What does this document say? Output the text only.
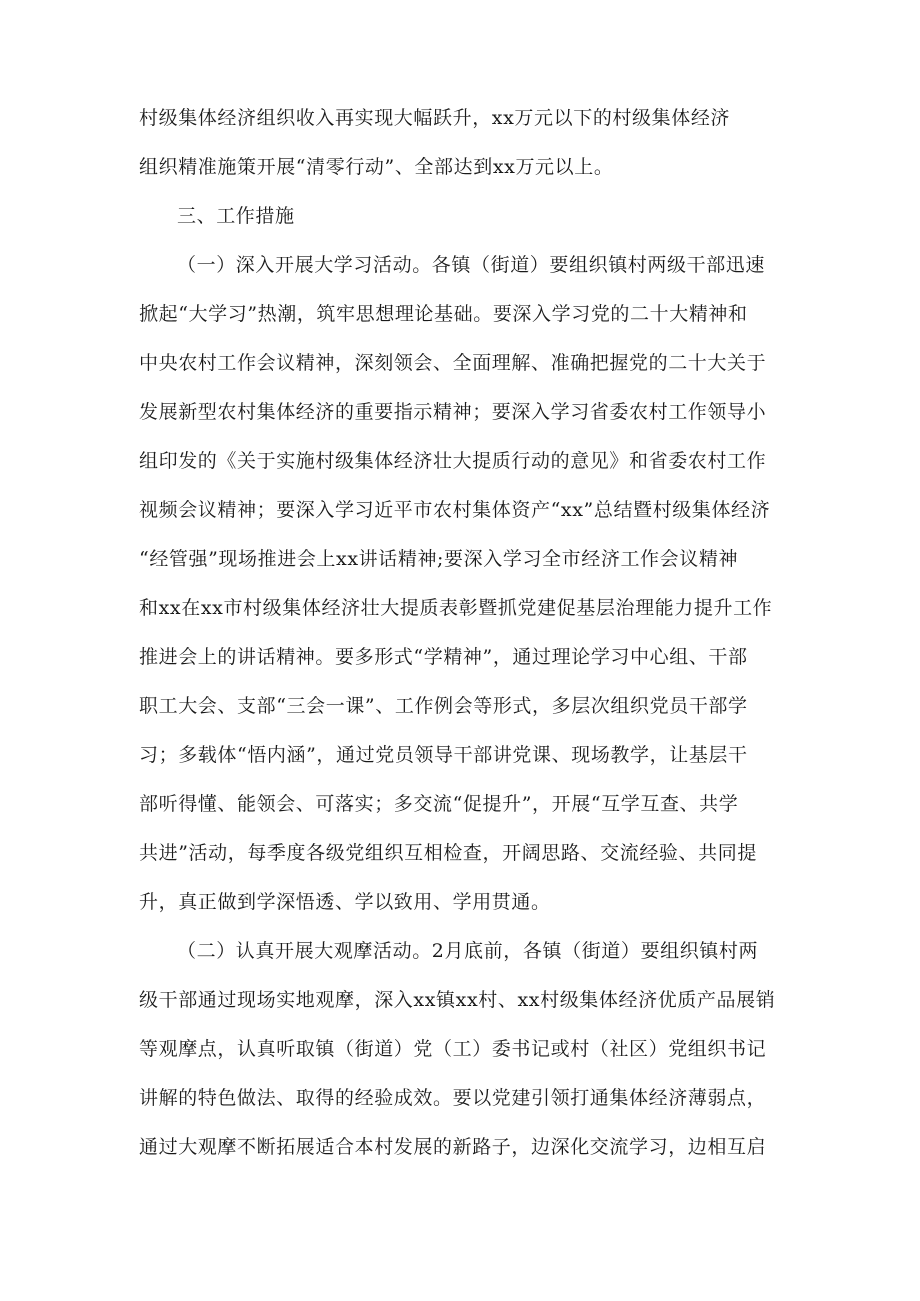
村级集体经济组织收入再实现大幅跃升，xx万元以下的村级集体经济
组织精准施策开展“清零行动”、全部达到xx万元以上。
三、工作措施
（一）深入开展大学习活动。各镇（街道）要组织镇村两级干部迅速
掀起“大学习”热潮，筑牢思想理论基础。要深入学习党的二十大精神和
中央农村工作会议精神，深刻领会、全面理解、准确把握党的二十大关于
发展新型农村集体经济的重要指示精神；要深入学习省委农村工作领导小
组印发的《关于实施村级集体经济壮大提质行动的意见》和省委农村工作
视频会议精神；要深入学习近平市农村集体资产“xx”总结暨村级集体经济
“经管强”现场推进会上xx讲话精神;要深入学习全市经济工作会议精神
和xx在xx市村级集体经济壮大提质表彰暨抓党建促基层治理能力提升工作
推进会上的讲话精神。要多形式“学精神”，通过理论学习中心组、干部
职工大会、支部“三会一课”、工作例会等形式，多层次组织党员干部学
习；多载体“悟内涵”，通过党员领导干部讲党课、现场教学，让基层干
部听得懂、能领会、可落实；多交流“促提升”，开展“互学互查、共学
共进”活动，每季度各级党组织互相检查，开阔思路、交流经验、共同提
升，真正做到学深悟透、学以致用、学用贯通。
（二）认真开展大观摩活动。2月底前，各镇（街道）要组织镇村两
级干部通过现场实地观摩，深入xx镇xx村、xx村级集体经济优质产品展销
等观摩点，认真听取镇（街道）党（工）委书记或村（社区）党组织书记
讲解的特色做法、取得的经验成效。要以党建引领打通集体经济薄弱点，
通过大观摩不断拓展适合本村发展的新路子，边深化交流学习，边相互启
